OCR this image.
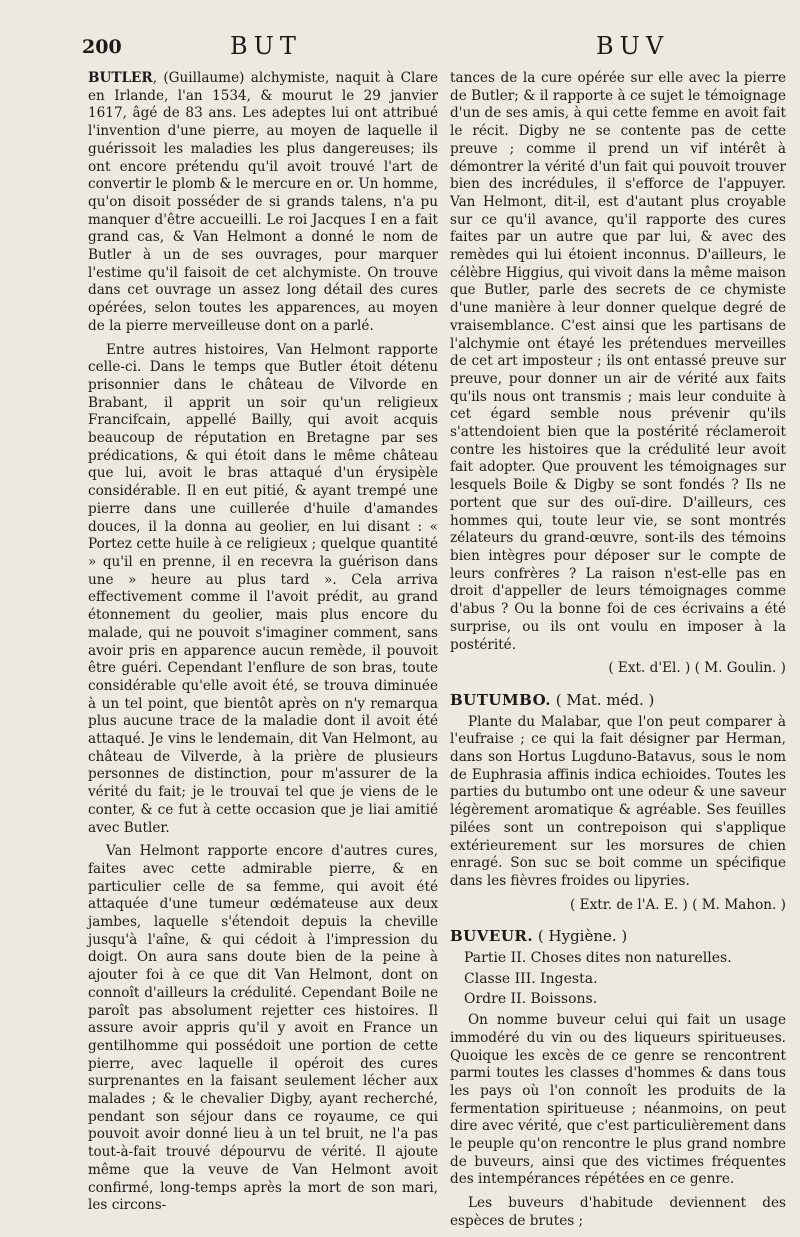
200	BUT	BUV

BUTLER, (Guillaume) alchymiste, naquit à Clare en Irlande, l'an 1534, & mourut le 29 janvier 1617, âgé de 83 ans. Les adeptes lui ont attribué l'invention d'une pierre, au moyen de laquelle il guérissoit les maladies les plus dangereuses; ils ont encore prétendu qu'il avoit trouvé l'art de convertir le plomb & le mercure en or. Un homme, qu'on disoit posséder de si grands talens, n'a pu manquer d'être accueilli. Le roi Jacques I en a fait grand cas, & Van Helmont a donné le nom de Butler à un de ses ouvrages, pour marquer l'estime qu'il faisoit de cet alchymiste. On trouve dans cet ouvrage un assez long détail des cures opérées, selon toutes les apparences, au moyen de la pierre merveilleuse dont on a parlé.

Entre autres histoires, Van Helmont rapporte celle-ci. Dans le temps que Butler étoit détenu prisonnier dans le château de Vilvorde en Brabant, il apprit un soir qu'un religieux Francifcain, appellé Bailly, qui avoit acquis beaucoup de réputation en Bretagne par ses prédications, & qui étoit dans le même château que lui, avoit le bras attaqué d'un érysipèle considérable. Il en eut pitié, & ayant trempé une pierre dans une cuillerée d'huile d'amandes douces, il la donna au geolier, en lui disant : « Portez cette huile à ce religieux ; quelque quantité » qu'il en prenne, il en recevra la guérison dans une » heure au plus tard ». Cela arriva effectivement comme il l'avoit prédit, au grand étonnement du geolier, mais plus encore du malade, qui ne pouvoit s'imaginer comment, sans avoir pris en apparence aucun remède, il pouvoit être guéri. Cependant l'enflure de son bras, toute considérable qu'elle avoit été, se trouva diminuée à un tel point, que bientôt après on n'y remarqua plus aucune trace de la maladie dont il avoit été attaqué. Je vins le lendemain, dit Van Helmont, au château de Vilverde, à la prière de plusieurs personnes de distinction, pour m'assurer de la vérité du fait; je le trouvai tel que je viens de le conter, & ce fut à cette occasion que je liai amitié avec Butler.

Van Helmont rapporte encore d'autres cures, faites avec cette admirable pierre, & en particulier celle de sa femme, qui avoit été attaquée d'une tumeur œdémateuse aux deux jambes, laquelle s'étendoit depuis la cheville jusqu'à l'aîne, & qui cédoit à l'impression du doigt. On aura sans doute bien de la peine à ajouter foi à ce que dit Van Helmont, dont on connoît d'ailleurs la crédulité. Cependant Boile ne paroît pas absolument rejetter ces histoires. Il assure avoir appris qu'il y avoit en France un gentilhomme qui possédoit une portion de cette pierre, avec laquelle il opéroit des cures surprenantes en la faisant seulement lécher aux malades ; & le chevalier Digby, ayant recherché, pendant son séjour dans ce royaume, ce qui pouvoit avoir donné lieu à un tel bruit, ne l'a pas tout-à-fait trouvé dépourvu de vérité. Il ajoute même que la veuve de Van Helmont avoit confirmé, long-temps après la mort de son mari, les circons-

tances de la cure opérée sur elle avec la pierre de Butler; & il rapporte à ce sujet le témoignage d'un de ses amis, à qui cette femme en avoit fait le récit. Digby ne se contente pas de cette preuve ; comme il prend un vif intérêt à démontrer la vérité d'un fait qui pouvoit trouver bien des incrédules, il s'efforce de l'appuyer. Van Helmont, dit-il, est d'autant plus croyable sur ce qu'il avance, qu'il rapporte des cures faites par un autre que par lui, & avec des remèdes qui lui étoient inconnus. D'ailleurs, le célèbre Higgius, qui vivoit dans la même maison que Butler, parle des secrets de ce chymiste d'une manière à leur donner quelque degré de vraisemblance. C'est ainsi que les partisans de l'alchymie ont étayé les prétendues merveilles de cet art imposteur ; ils ont entassé preuve sur preuve, pour donner un air de vérité aux faits qu'ils nous ont transmis ; mais leur conduite à cet égard semble nous prévenir qu'ils s'attendoient bien que la postérité réclameroit contre les histoires que la crédulité leur avoit fait adopter. Que prouvent les témoignages sur lesquels Boile & Digby se sont fondés ? Ils ne portent que sur des ouï-dire. D'ailleurs, ces hommes qui, toute leur vie, se sont montrés zélateurs du grand-œuvre, sont-ils des témoins bien intègres pour déposer sur le compte de leurs confrères ? La raison n'est-elle pas en droit d'appeller de leurs témoignages comme d'abus ? Ou la bonne foi de ces écrivains a été surprise, ou ils ont voulu en imposer à la postérité.

( Ext. d'El. ) ( M. Goulin. )
BUTUMBO. ( Mat. méd. )

Plante du Malabar, que l'on peut comparer à l'eufraise ; ce qui la fait désigner par Herman, dans son Hortus Lugduno-Batavus, sous le nom de Euphrasia affinis indica echioides. Toutes les parties du butumbo ont une odeur & une saveur légèrement aromatique & agréable. Ses feuilles pilées sont un contrepoison qui s'applique extérieurement sur les morsures de chien enragé. Son suc se boit comme un spécifique dans les fièvres froides ou lipyries.

( Extr. de l'A. E. ) ( M. Mahon. )
BUVEUR. ( Hygiène. )
Partie II. Choses dites non naturelles.
Classe III. Ingesta.
Ordre II. Boissons.

On nomme buveur celui qui fait un usage immodéré du vin ou des liqueurs spiritueuses. Quoique les excès de ce genre se rencontrent parmi toutes les classes d'hommes & dans tous les pays où l'on connoît les produits de la fermentation spiritueuse ; néanmoins, on peut dire avec vérité, que c'est particulièrement dans le peuple qu'on rencontre le plus grand nombre de buveurs, ainsi que des victimes fréquentes des intempérances répétées en ce genre.

Les buveurs d'habitude deviennent des espèces de brutes ;
